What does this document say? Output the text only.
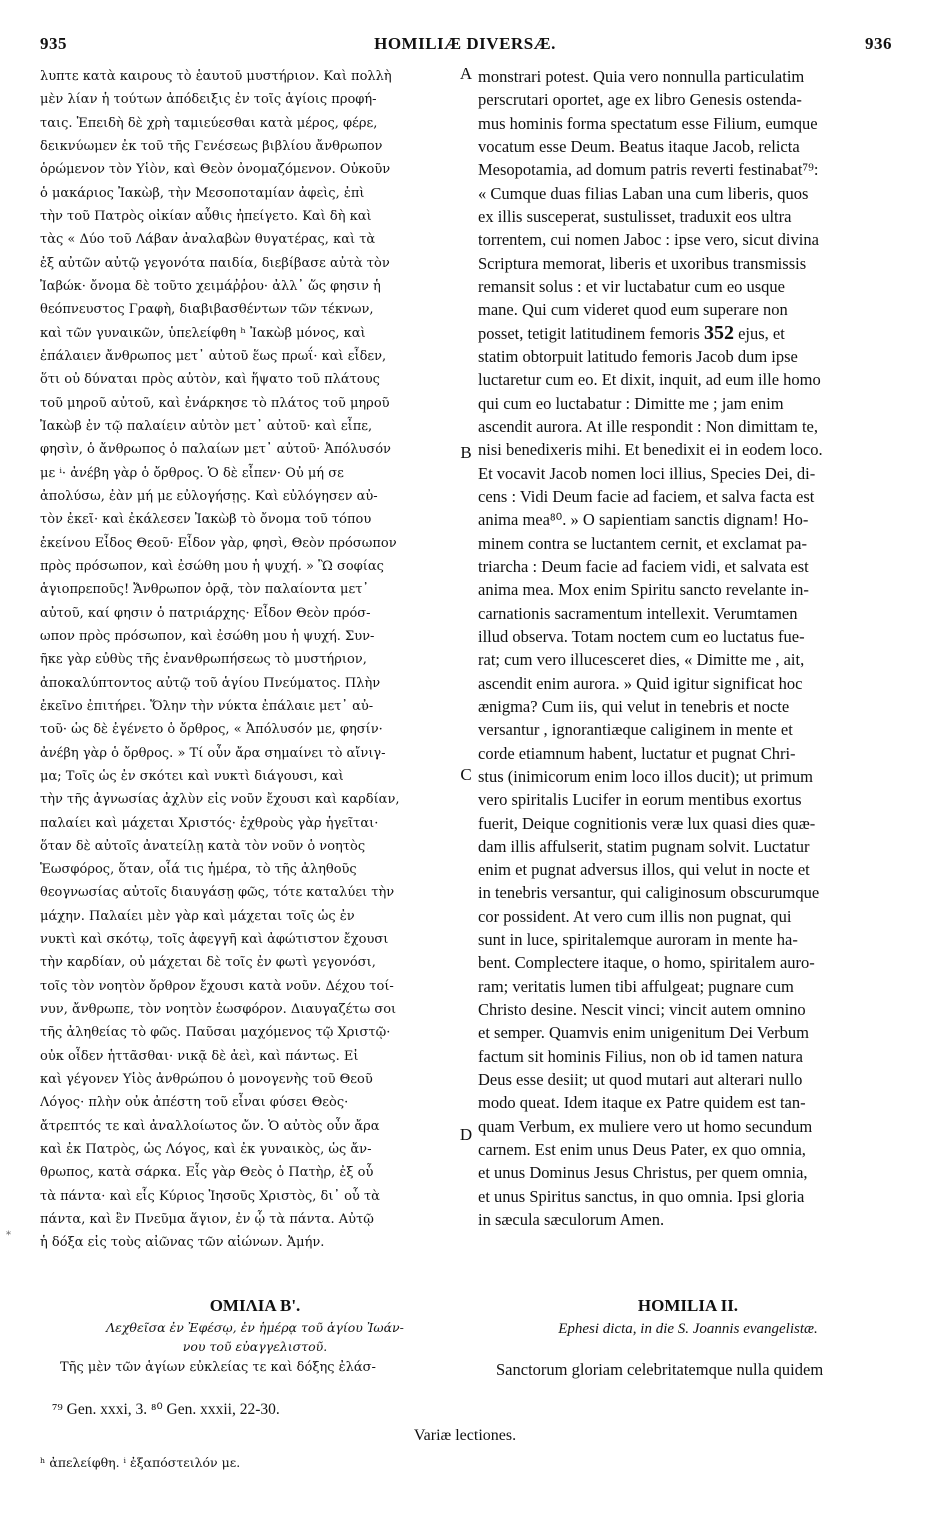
935	HOMILIÆ DIVERSÆ.	936
λυπτε κατὰ καιρους τὸ ἑαυτοῦ μυστήριον. Καὶ πολλὴ
μὲν λίαν ἡ τούτων ἀπόδειξις ἐν τοῖς ἁγίοις προφή-
ταις. Ἐπειδὴ δὲ χρὴ ταμιεύεσθαι κατὰ μέρος, φέρε,
δεικνύωμεν ἐκ τοῦ τῆς Γενέσεως βιβλίου ἄνθρωπον
ὁρώμενον τὸν Υἱὸν, καὶ Θεὸν ὀνομαζόμενον. Οὐκοῦν
ὁ μακάριος Ἰακὼβ, τὴν Μεσοποταμίαν ἀφεὶς, ἐπὶ
τὴν τοῦ Πατρὸς οἰκίαν αὖθις ἠπείγετο. Καὶ δὴ καὶ
τὰς « Δύο τοῦ Λάβαν ἀναλαβὼν θυγατέρας, καὶ τὰ
ἐξ αὐτῶν αὐτῷ γεγονότα παιδία, διεβίβασε αὐτὰ τὸν
Ἰαβώκ· ὄνομα δὲ τοῦτο χειμάῤῥου· ἀλλ᾽ ὥς φησιν ἡ
θεόπνευστος Γραφὴ, διαβιβασθέντων τῶν τέκνων,
καὶ τῶν γυναικῶν, ὑπελείφθη ʰ Ἰακὼβ μόνος, καὶ
ἐπάλαιεν ἄνθρωπος μετ᾽ αὐτοῦ ἕως πρωΐ· καὶ εἶδεν,
ὅτι οὐ δύναται πρὸς αὐτὸν, καὶ ἥψατο τοῦ πλάτους
τοῦ μηροῦ αὐτοῦ, καὶ ἐνάρκησε τὸ πλάτος τοῦ μηροῦ
Ἰακὼβ ἐν τῷ παλαίειν αὐτὸν μετ᾽ αὐτοῦ· καὶ εἶπε,
φησὶν, ὁ ἄνθρωπος ὁ παλαίων μετ᾽ αὐτοῦ· Ἀπόλυσόν
με ⁱ· ἀνέβη γὰρ ὁ ὄρθρος. Ὁ δὲ εἶπεν· Οὐ μή σε
ἀπολύσω, ἐὰν μή με εὐλογήσῃς. Καὶ εὐλόγησεν αὐ-
τὸν ἐκεῖ· καὶ ἐκάλεσεν Ἰακὼβ τὸ ὄνομα τοῦ τόπου
ἐκείνου Εἶδος Θεοῦ· Εἶδον γὰρ, φησὶ, Θεὸν πρόσωπον
πρὸς πρόσωπον, καὶ ἐσώθη μου ἡ ψυχή. » Ὢ σοφίας
ἁγιοπρεποῦς! Ἄνθρωπον ὁρᾷ, τὸν παλαίοντα μετ᾽
αὐτοῦ, καί φησιν ὁ πατριάρχης· Εἶδον Θεὸν πρόσ-
ωπον πρὸς πρόσωπον, καὶ ἐσώθη μου ἡ ψυχή. Συν-
ῆκε γὰρ εὐθὺς τῆς ἐνανθρωπήσεως τὸ μυστήριον,
ἀποκαλύπτοντος αὐτῷ τοῦ ἁγίου Πνεύματος. Πλὴν
ἐκεῖνο ἐπιτήρει. Ὅλην τὴν νύκτα ἐπάλαιε μετ᾽ αὐ-
τοῦ· ὡς δὲ ἐγένετο ὁ ὄρθρος, « Ἀπόλυσόν με, φησίν·
ἀνέβη γὰρ ὁ ὄρθρος. » Τί οὖν ἄρα σημαίνει τὸ αἴνιγ-
μα; Τοῖς ὡς ἐν σκότει καὶ νυκτὶ διάγουσι, καὶ
τὴν τῆς ἀγνωσίας ἀχλὺν εἰς νοῦν ἔχουσι καὶ καρδίαν,
παλαίει καὶ μάχεται Χριστός· ἐχθροὺς γὰρ ἡγεῖται·
ὅταν δὲ αὐτοῖς ἀνατείλῃ κατὰ τὸν νοῦν ὁ νοητὸς
Ἑωσφόρος, ὅταν, οἷά τις ἡμέρα, τὸ τῆς ἀληθοῦς
θεογνωσίας αὐτοῖς διαυγάσῃ φῶς, τότε καταλύει τὴν
μάχην. Παλαίει μὲν γὰρ καὶ μάχεται τοῖς ὡς ἐν
νυκτὶ καὶ σκότῳ, τοῖς ἀφεγγῆ καὶ ἀφώτιστον ἔχουσι
τὴν καρδίαν, οὐ μάχεται δὲ τοῖς ἐν φωτὶ γεγονόσι,
τοῖς τὸν νοητὸν ὄρθρον ἔχουσι κατὰ νοῦν. Δέχου τοί-
νυν, ἄνθρωπε, τὸν νοητὸν ἑωσφόρον. Διαυγαζέτω σοι
τῆς ἀληθείας τὸ φῶς. Παῦσαι μαχόμενος τῷ Χριστῷ·
οὐκ οἶδεν ἡττᾶσθαι· νικᾷ δὲ ἀεὶ, καὶ πάντως. Εἰ
καὶ γέγονεν Υἱὸς ἀνθρώπου ὁ μονογενὴς τοῦ Θεοῦ
Λόγος· πλὴν οὐκ ἀπέστη τοῦ εἶναι φύσει Θεὸς·
ἄτρεπτός τε καὶ ἀναλλοίωτος ὤν. Ὁ αὐτὸς οὖν ἄρα
καὶ ἐκ Πατρὸς, ὡς Λόγος, καὶ ἐκ γυναικὸς, ὡς ἄν-
θρωπος, κατὰ σάρκα. Εἷς γὰρ Θεὸς ὁ Πατὴρ, ἐξ οὗ
τὰ πάντα· καὶ εἷς Κύριος Ἰησοῦς Χριστὸς, δι᾽ οὗ τὰ
πάντα, καὶ ἓν Πνεῦμα ἅγιον, ἐν ᾧ τὰ πάντα. Αὐτῷ
ἡ δόξα εἰς τοὺς αἰῶνας τῶν αἰώνων. Ἀμήν.
monstrari potest. Quia vero nonnulla particulatim
perscrutari oportet, age ex libro Genesis ostenda-
mus hominis forma spectatum esse Filium, eumque
vocatum esse Deum. Beatus itaque Jacob, relicta
Mesopotamia, ad domum patris reverti festinabat⁷⁹:
« Cumque duas filias Laban una cum liberis, quos
ex illis susceperat, sustulisset, traduxit eos ultra
torrentem, cui nomen Jaboc : ipse vero, sicut divina
Scriptura memorat, liberis et uxoribus transmissis
remansit solus : et vir luctabatur cum eo usque
mane. Qui cum videret quod eum superare non
posset, tetigit latitudinem femoris 352 ejus, et
statim obtorpuit latitudo femoris Jacob dum ipse
luctaretur cum eo. Et dixit, inquit, ad eum ille homo
qui cum eo luctabatur : Dimitte me ; jam enim
ascendit aurora. At ille respondit : Non dimittam te,
nisi benedixeris mihi. Et benedixit ei in eodem loco.
Et vocavit Jacob nomen loci illius, Species Dei, di-
cens : Vidi Deum facie ad faciem, et salva facta est
anima mea⁸⁰. » O sapientiam sanctis dignam! Ho-
minem contra se luctantem cernit, et exclamat pa-
triarcha : Deum facie ad faciem vidi, et salvata est
anima mea. Mox enim Spiritu sancto revelante in-
carnationis sacramentum intellexit. Verumtamen
illud observa. Totam noctem cum eo luctatus fue-
rat; cum vero illucesceret dies, « Dimitte me , ait,
ascendit enim aurora. » Quid igitur significat hoc
ænigma? Cum iis, qui velut in tenebris et nocte
versantur , ignorantiæque caliginem in mente et
corde etiamnum habent, luctatur et pugnat Chri-
stus (inimicorum enim loco illos ducit); ut primum
vero spiritalis Lucifer in eorum mentibus exortus
fuerit, Deique cognitionis veræ lux quasi dies quæ-
dam illis affulserit, statim pugnam solvit. Luctatur
enim et pugnat adversus illos, qui velut in nocte et
in tenebris versantur, qui caliginosum obscurumque
cor possident. At vero cum illis non pugnat, qui
sunt in luce, spiritalemque auroram in mente ha-
bent. Complectere itaque, o homo, spiritalem auro-
ram; veritatis lumen tibi affulgeat; pugnare cum
Christo desine. Nescit vinci; vincit autem omnino
et semper. Quamvis enim unigenitum Dei Verbum
factum sit hominis Filius, non ob id tamen natura
Deus esse desiit; ut quod mutari aut alterari nullo
modo queat. Idem itaque ex Patre quidem est tan-
quam Verbum, ex muliere vero ut homo secundum
carnem. Est enim unus Deus Pater, ex quo omnia,
et unus Dominus Jesus Christus, per quem omnia,
et unus Spiritus sanctus, in quo omnia. Ipsi gloria
in sæcula sæculorum Amen.
A
B
C
D
ΟΜΙΛΙΑ Β'.
Λεχθεῖσα ἐν Ἐφέσῳ, ἐν ἡμέρᾳ τοῦ ἁγίου Ἰωάν-
νου τοῦ εὐαγγελιστοῦ.
Τῆς μὲν τῶν ἁγίων εὐκλείας τε καὶ δόξης ἐλάσ-
HOMILIA II.
Ephesi dicta, in die S. Joannis evangelistæ.
Sanctorum gloriam celebritatemque nulla quidem
⁷⁹ Gen. xxxi, 3. ⁸⁰ Gen. xxxii, 22-30.
Variæ lectiones.
ʰ ἀπελείφθη. ⁱ ἐξαπόστειλόν με.
*
